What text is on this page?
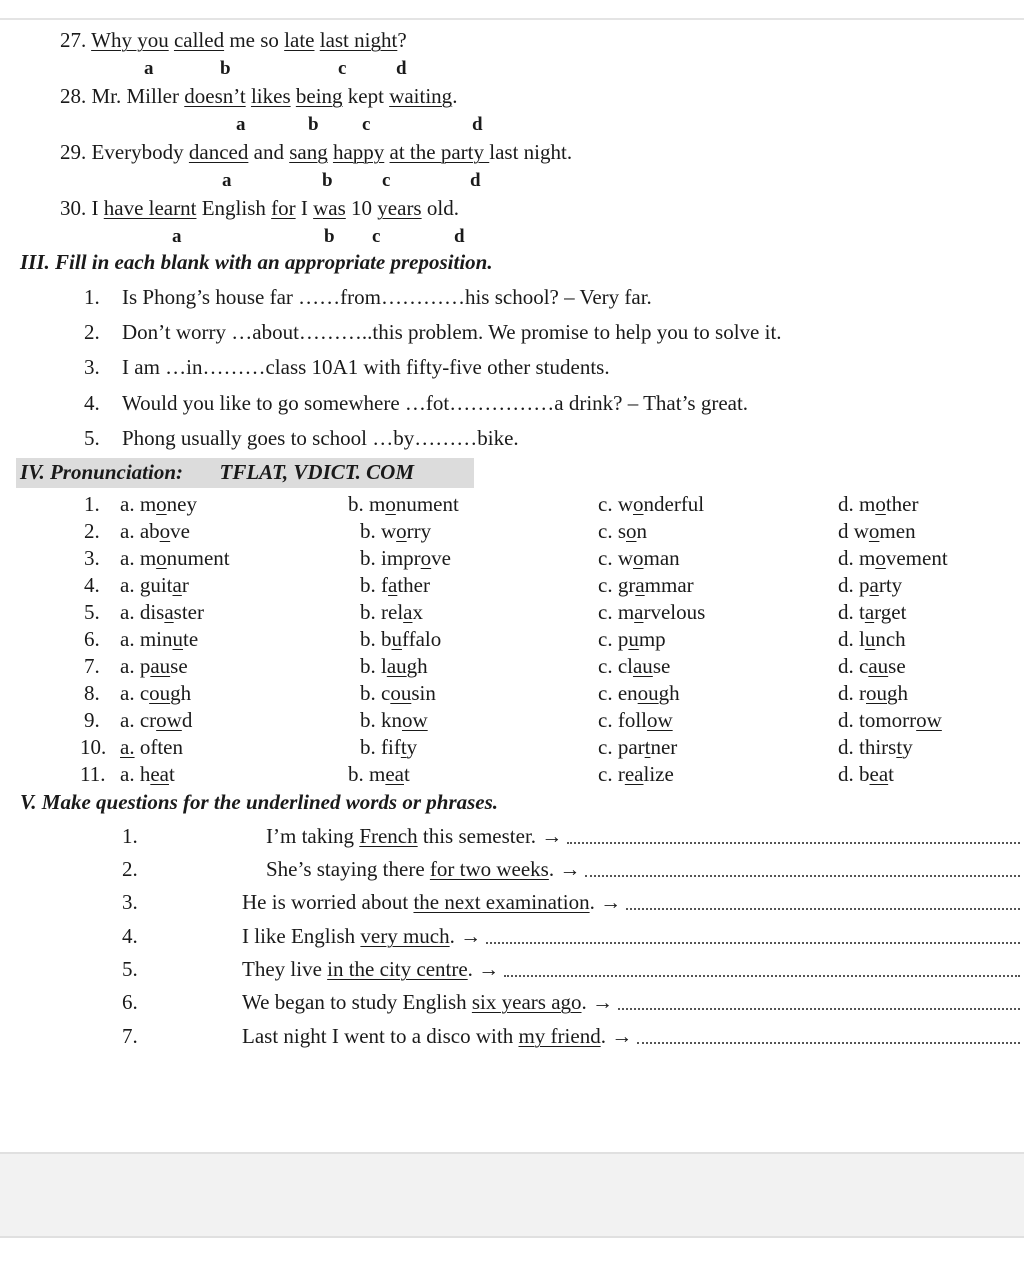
27. Why you called me so late last night?
a	b	c	d
28. Mr. Miller doesn’t likes being kept waiting.
a	b c	d
29. Everybody danced and sang happy at the party last night.
a	b	c	d
30. I have learnt English for I was 10 years old.
a	b c	d
III. Fill in each blank with an appropriate preposition.
1. Is Phong’s house far ……from…………his school? – Very far.
2. Don’t worry …about………..this problem. We promise to help you to solve it.
3. I am …in………class 10A1 with fifty-five other students.
4. Would you like to go somewhere …fot……………a drink? – That’s great.
5. Phong usually goes to school …by………bike.
IV. Pronunciation: TFLAT, VDICT. COM
1. a. money	b. monument	c. wonderful	d. mother
2. a. above	b. worry	c. son	d women
3. a. monument	b. improve	c. woman	d. movement
4. a. guitar	b. father	c. grammar	d. party
5. a. disaster	b. relax	c. marvelous	d. target
6. a. minute	b. buffalo	c. pump	d. lunch
7. a. pause	b. laugh	c. clause	d. cause
8. a. cough	b. cousin	c. enough	d. rough
9. a. crowd	b. know	c. follow	d. tomorrow
10. a. often	b. fifty	c. partner	d. thirsty
11. a. heat	b. meat	c. realize	d. beat
V. Make questions for the underlined words or phrases.
1.	I’m taking French this semester. →
2.	She’s staying there for two weeks. →
3.	He is worried about the next examination. →
4.	I like English very much. →
5.	They live in the city centre. →
6.	We began to study English six years ago. →
7.	Last night I went to a disco with my friend. →
